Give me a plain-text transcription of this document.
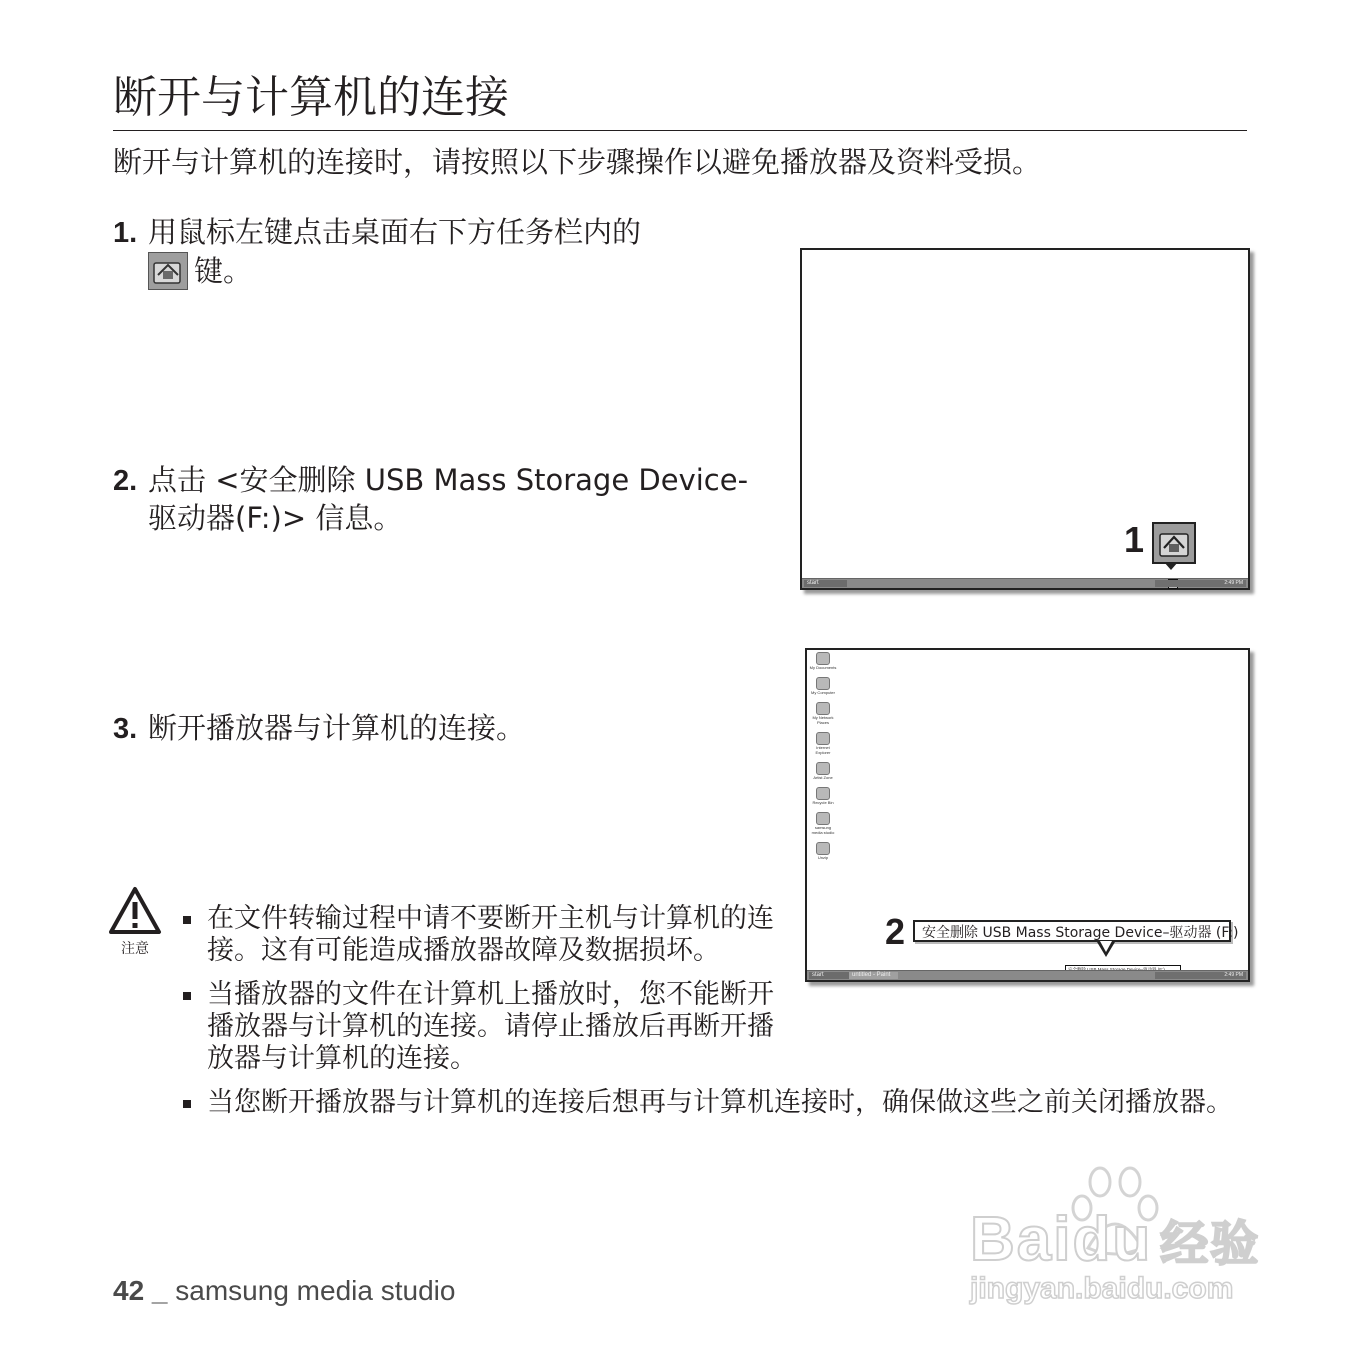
断开与计算机的连接
断开与计算机的连接时，请按照以下步骤操作以避免播放器及资料受损。
1. 用鼠标左键点击桌面右下方任务栏内的
键。
2. 点击 <安全删除 USB Mass Storage Device-
驱动器(F:)> 信息。
3. 断开播放器与计算机的连接。
1
start	2:49 PM
My Documents
My Computer
My Network Places
Internet Explorer
Artist Zone
Recycle Bin
samsung media studio
Unzip
2	安全删除 USB Mass Storage Device–驱动器 (F:)
start	untitled - Paint	2:49 PM
注意
在文件转输过程中请不要断开主机与计算机的连接。这有可能造成播放器故障及数据损坏。
当播放器的文件在计算机上播放时，您不能断开播放器与计算机的连接。请停止播放后再断开播放器与计算机的连接。
当您断开播放器与计算机的连接后想再与计算机连接时，确保做这些之前关闭播放器。
42 _ samsung media studio
Baidu 经验
jingyan.baidu.com
